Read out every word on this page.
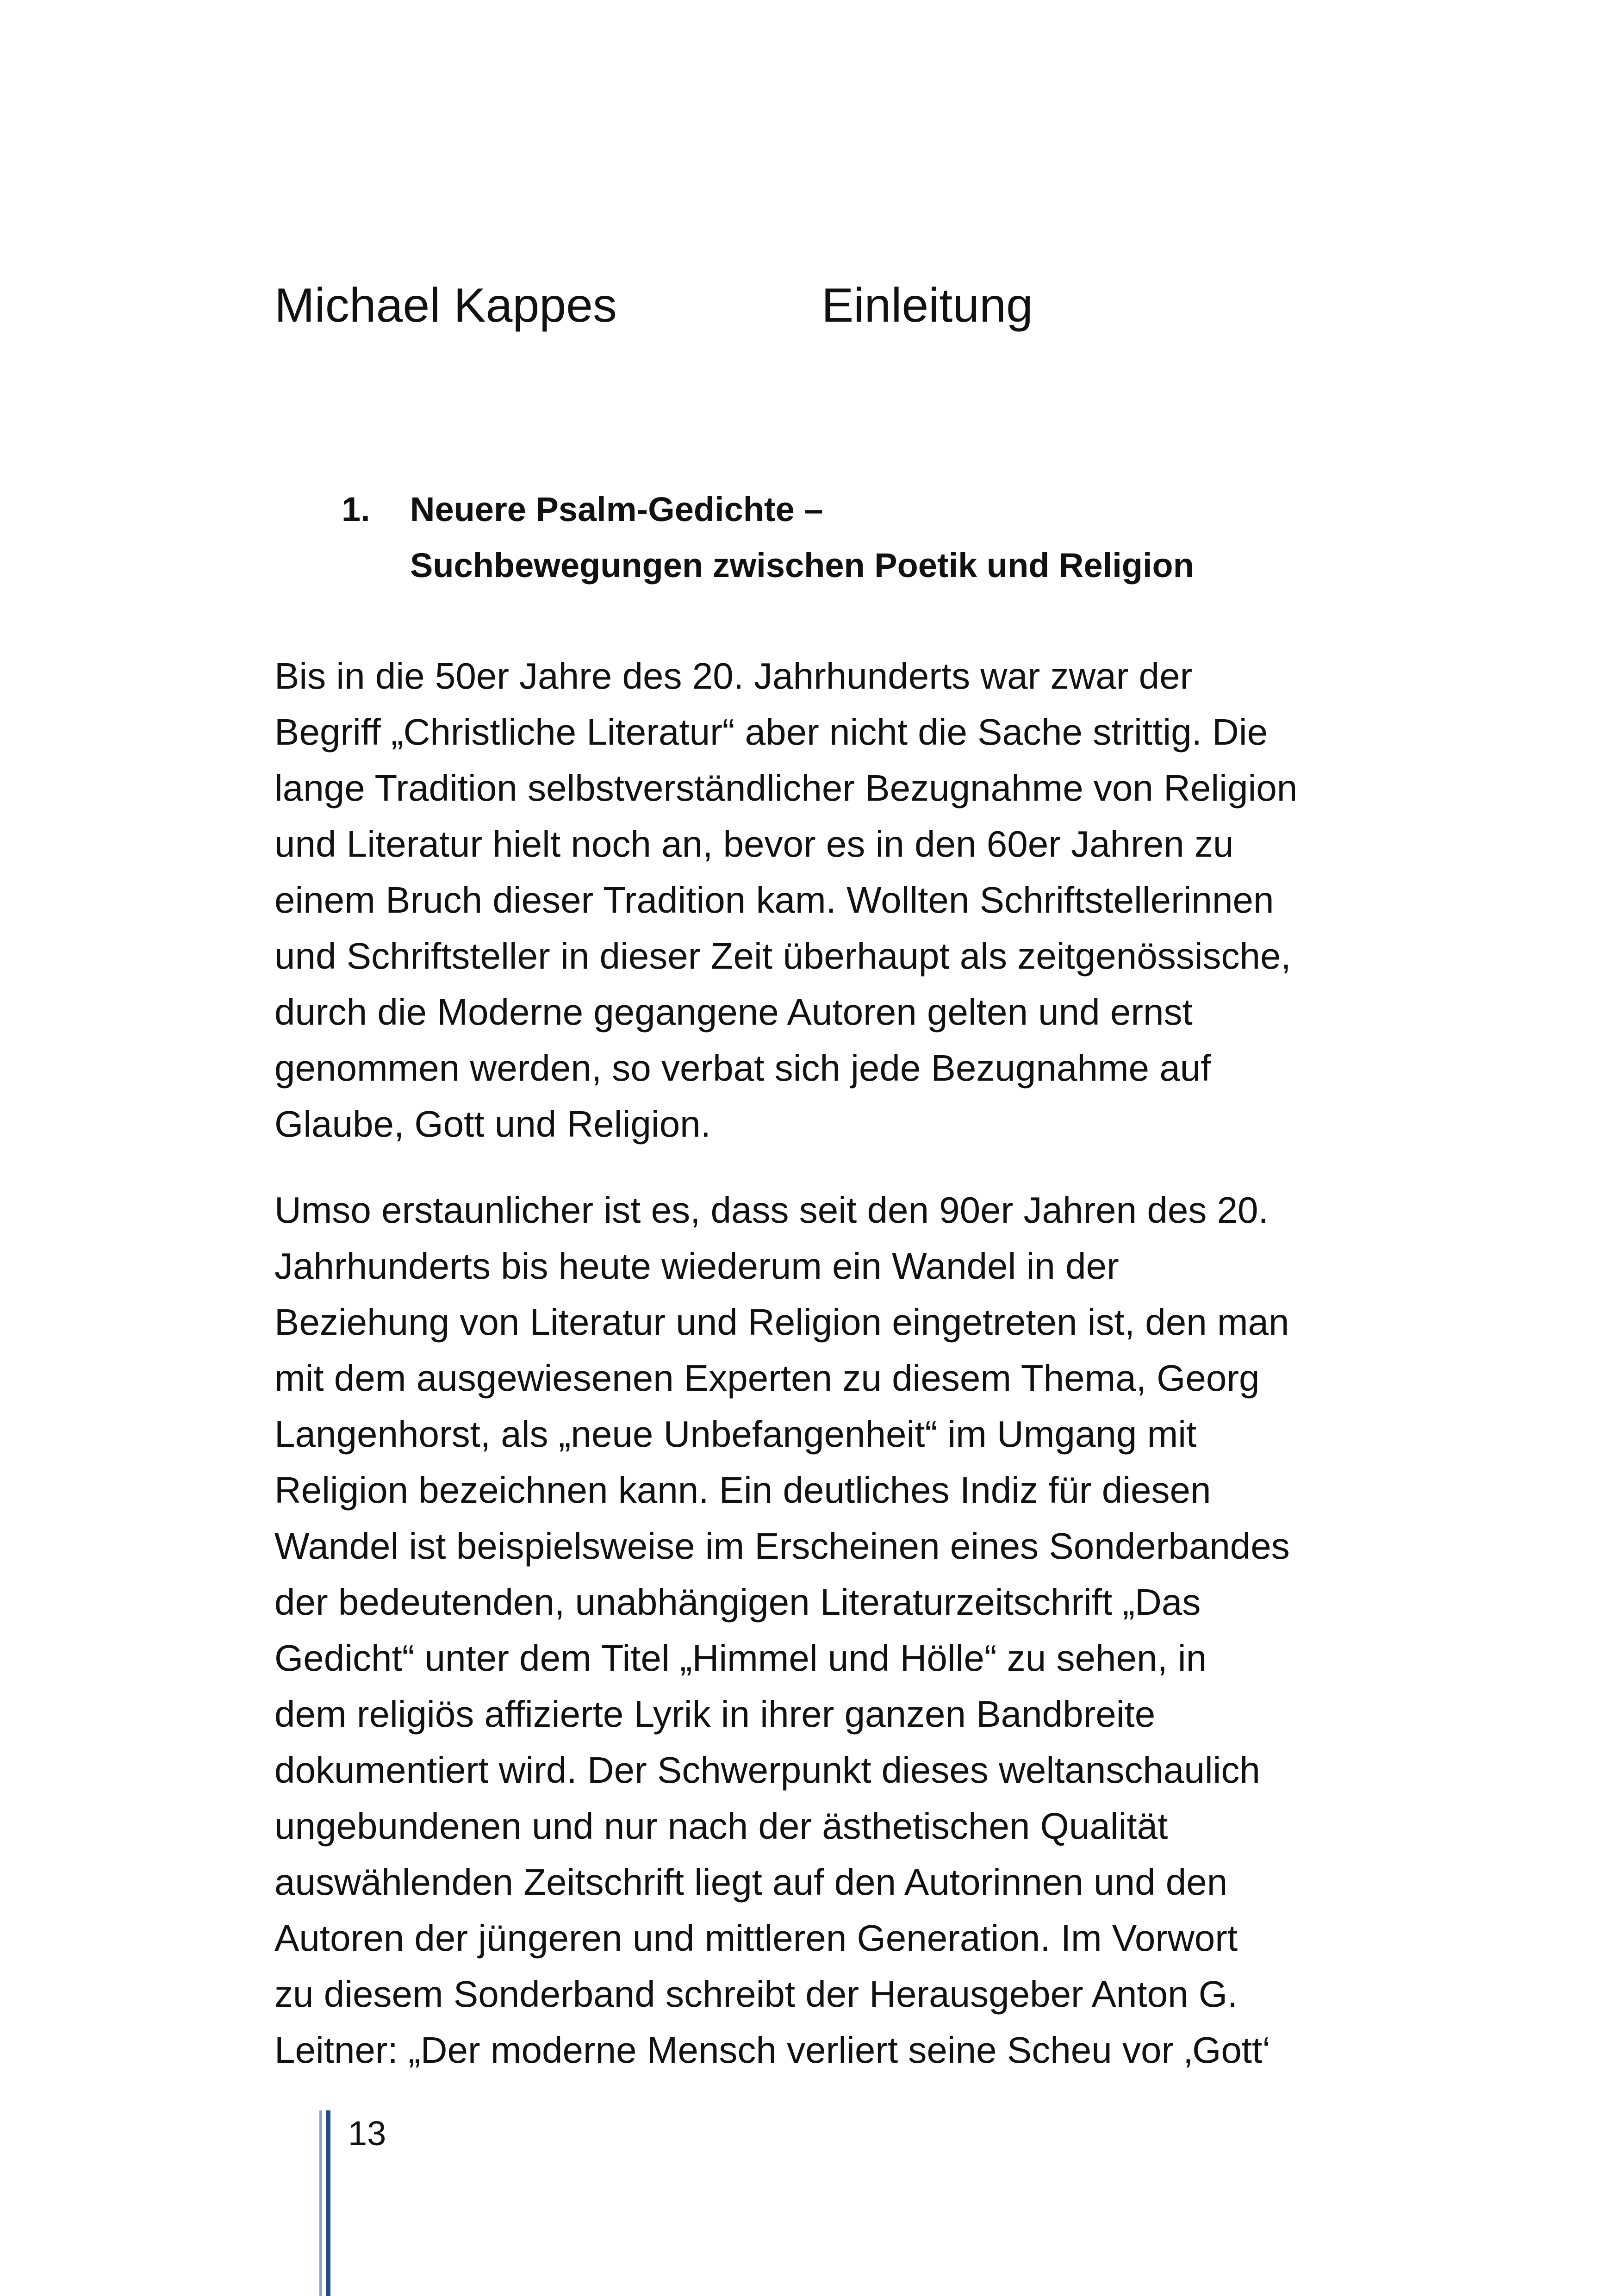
Michael Kappes	Einleitung
1. Neuere Psalm-Gedichte –
Suchbewegungen zwischen Poetik und Religion
Bis in die 50er Jahre des 20. Jahrhunderts war zwar der
Begriff „Christliche Literatur“ aber nicht die Sache strittig. Die
lange Tradition selbstverständlicher Bezugnahme von Religion
und Literatur hielt noch an, bevor es in den 60er Jahren zu
einem Bruch dieser Tradition kam. Wollten Schriftstellerinnen
und Schriftsteller in dieser Zeit überhaupt als zeitgenössische,
durch die Moderne gegangene Autoren gelten und ernst
genommen werden, so verbat sich jede Bezugnahme auf
Glaube, Gott und Religion.
Umso erstaunlicher ist es, dass seit den 90er Jahren des 20.
Jahrhunderts bis heute wiederum ein Wandel in der
Beziehung von Literatur und Religion eingetreten ist, den man
mit dem ausgewiesenen Experten zu diesem Thema, Georg
Langenhorst, als „neue Unbefangenheit“ im Umgang mit
Religion bezeichnen kann. Ein deutliches Indiz für diesen
Wandel ist beispielsweise im Erscheinen eines Sonderbandes
der bedeutenden, unabhängigen Literaturzeitschrift „Das
Gedicht“ unter dem Titel „Himmel und Hölle“ zu sehen, in
dem religiös affizierte Lyrik in ihrer ganzen Bandbreite
dokumentiert wird. Der Schwerpunkt dieses weltanschaulich
ungebundenen und nur nach der ästhetischen Qualität
auswählenden Zeitschrift liegt auf den Autorinnen und den
Autoren der jüngeren und mittleren Generation. Im Vorwort
zu diesem Sonderband schreibt der Herausgeber Anton G.
Leitner: „Der moderne Mensch verliert seine Scheu vor ‚Gott‘
13
